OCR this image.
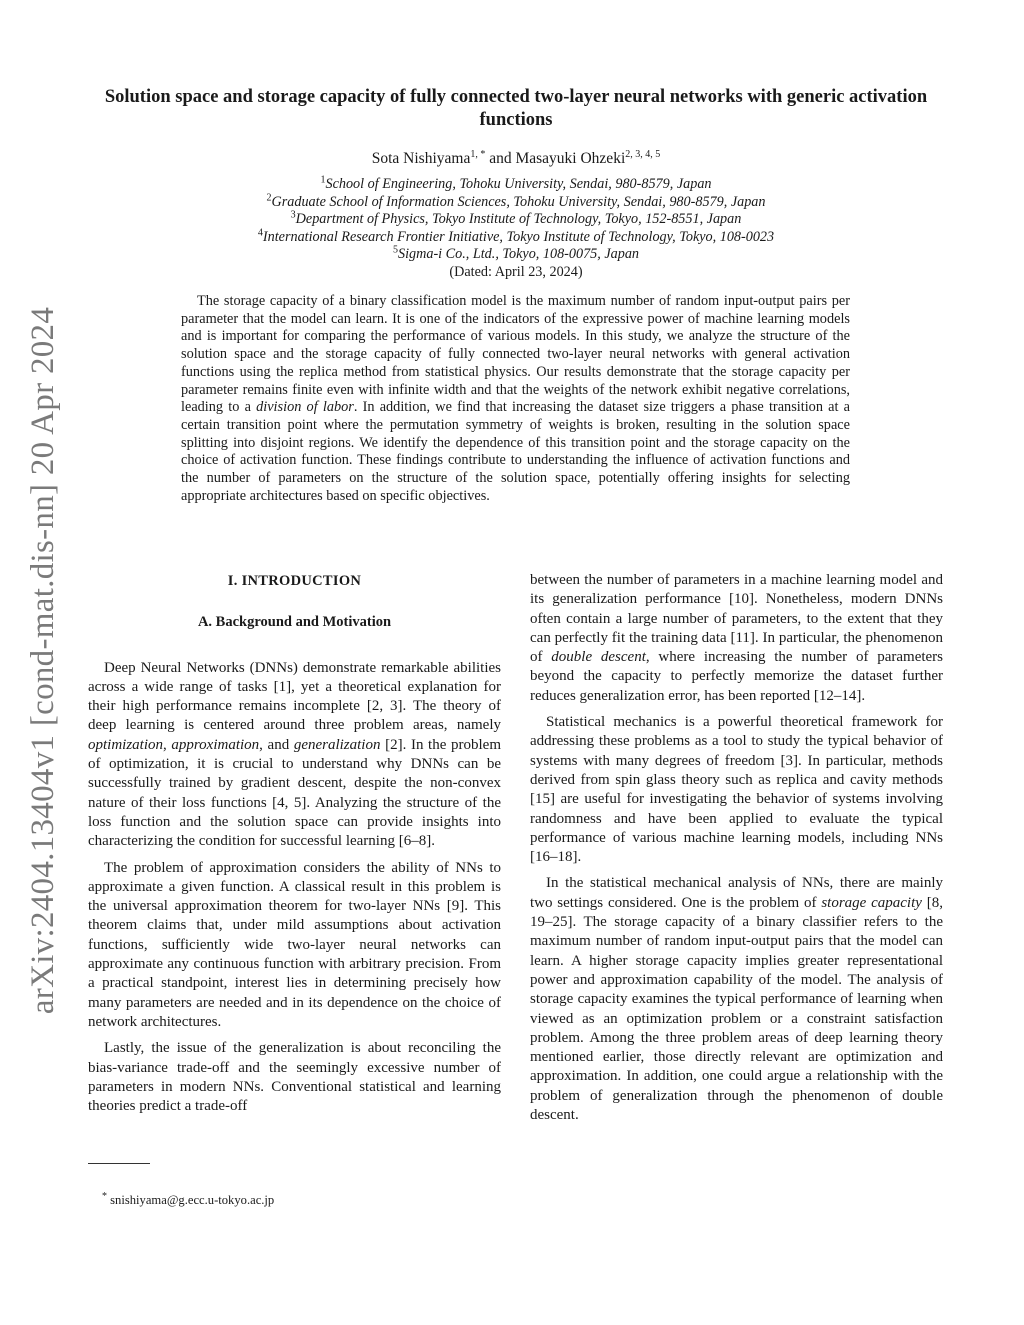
arXiv:2404.13404v1 [cond-mat.dis-nn] 20 Apr 2024
Solution space and storage capacity of fully connected two-layer neural networks with generic activation functions
Sota Nishiyama$^{1, *}$ and Masayuki Ohzeki$^{2, 3, 4, 5}$
$^1$School of Engineering, Tohoku University, Sendai, 980-8579, Japan
$^2$Graduate School of Information Sciences, Tohoku University, Sendai, 980-8579, Japan
$^3$Department of Physics, Tokyo Institute of Technology, Tokyo, 152-8551, Japan
$^4$International Research Frontier Initiative, Tokyo Institute of Technology, Tokyo, 108-0023
$^5$Sigma-i Co., Ltd., Tokyo, 108-0075, Japan
(Dated: April 23, 2024)

The storage capacity of a binary classification model is the maximum number of random input-output pairs per parameter that the model can learn. It is one of the indicators of the expressive power of machine learning models and is important for comparing the performance of various models. In this study, we analyze the structure of the solution space and the storage capacity of fully connected two-layer neural networks with general activation functions using the replica method from statistical physics. Our results demonstrate that the storage capacity per parameter remains finite even with infinite width and that the weights of the network exhibit negative correlations, leading to a division of labor. In addition, we find that increasing the dataset size triggers a phase transition at a certain transition point where the permutation symmetry of weights is broken, resulting in the solution space splitting into disjoint regions. We identify the dependence of this transition point and the storage capacity on the choice of activation function. These findings contribute to understanding the influence of activation functions and the number of parameters on the structure of the solution space, potentially offering insights for selecting appropriate architectures based on specific objectives.

I. INTRODUCTION
A. Background and Motivation

Deep Neural Networks (DNNs) demonstrate remarkable abilities across a wide range of tasks [1], yet a theoretical explanation for their high performance remains incomplete [2, 3]. The theory of deep learning is centered around three problem areas, namely optimization, approximation, and generalization [2]. In the problem of optimization, it is crucial to understand why DNNs can be successfully trained by gradient descent, despite the non-convex nature of their loss functions [4, 5]. Analyzing the structure of the loss function and the solution space can provide insights into characterizing the condition for successful learning [6–8].

The problem of approximation considers the ability of NNs to approximate a given function. A classical result in this problem is the universal approximation theorem for two-layer NNs [9]. This theorem claims that, under mild assumptions about activation functions, sufficiently wide two-layer neural networks can approximate any continuous function with arbitrary precision. From a practical standpoint, interest lies in determining precisely how many parameters are needed and in its dependence on the choice of network architectures.

Lastly, the issue of the generalization is about reconciling the bias-variance trade-off and the seemingly excessive number of parameters in modern NNs. Conventional statistical and learning theories predict a trade-off

between the number of parameters in a machine learning model and its generalization performance [10]. Nonetheless, modern DNNs often contain a large number of parameters, to the extent that they can perfectly fit the training data [11]. In particular, the phenomenon of double descent, where increasing the number of parameters beyond the capacity to perfectly memorize the dataset further reduces generalization error, has been reported [12–14].

Statistical mechanics is a powerful theoretical framework for addressing these problems as a tool to study the typical behavior of systems with many degrees of freedom [3]. In particular, methods derived from spin glass theory such as replica and cavity methods [15] are useful for investigating the behavior of systems involving randomness and have been applied to evaluate the typical performance of various machine learning models, including NNs [16–18].

In the statistical mechanical analysis of NNs, there are mainly two settings considered. One is the problem of storage capacity [8, 19–25]. The storage capacity of a binary classifier refers to the maximum number of random input-output pairs that the model can learn. A higher storage capacity implies greater representational power and approximation capability of the model. The analysis of storage capacity examines the typical performance of learning when viewed as an optimization problem or a constraint satisfaction problem. Among the three problem areas of deep learning theory mentioned earlier, those directly relevant are optimization and approximation. In addition, one could argue a relationship with the problem of generalization through the phenomenon of double descent.

* snishiyama@g.ecc.u-tokyo.ac.jp
